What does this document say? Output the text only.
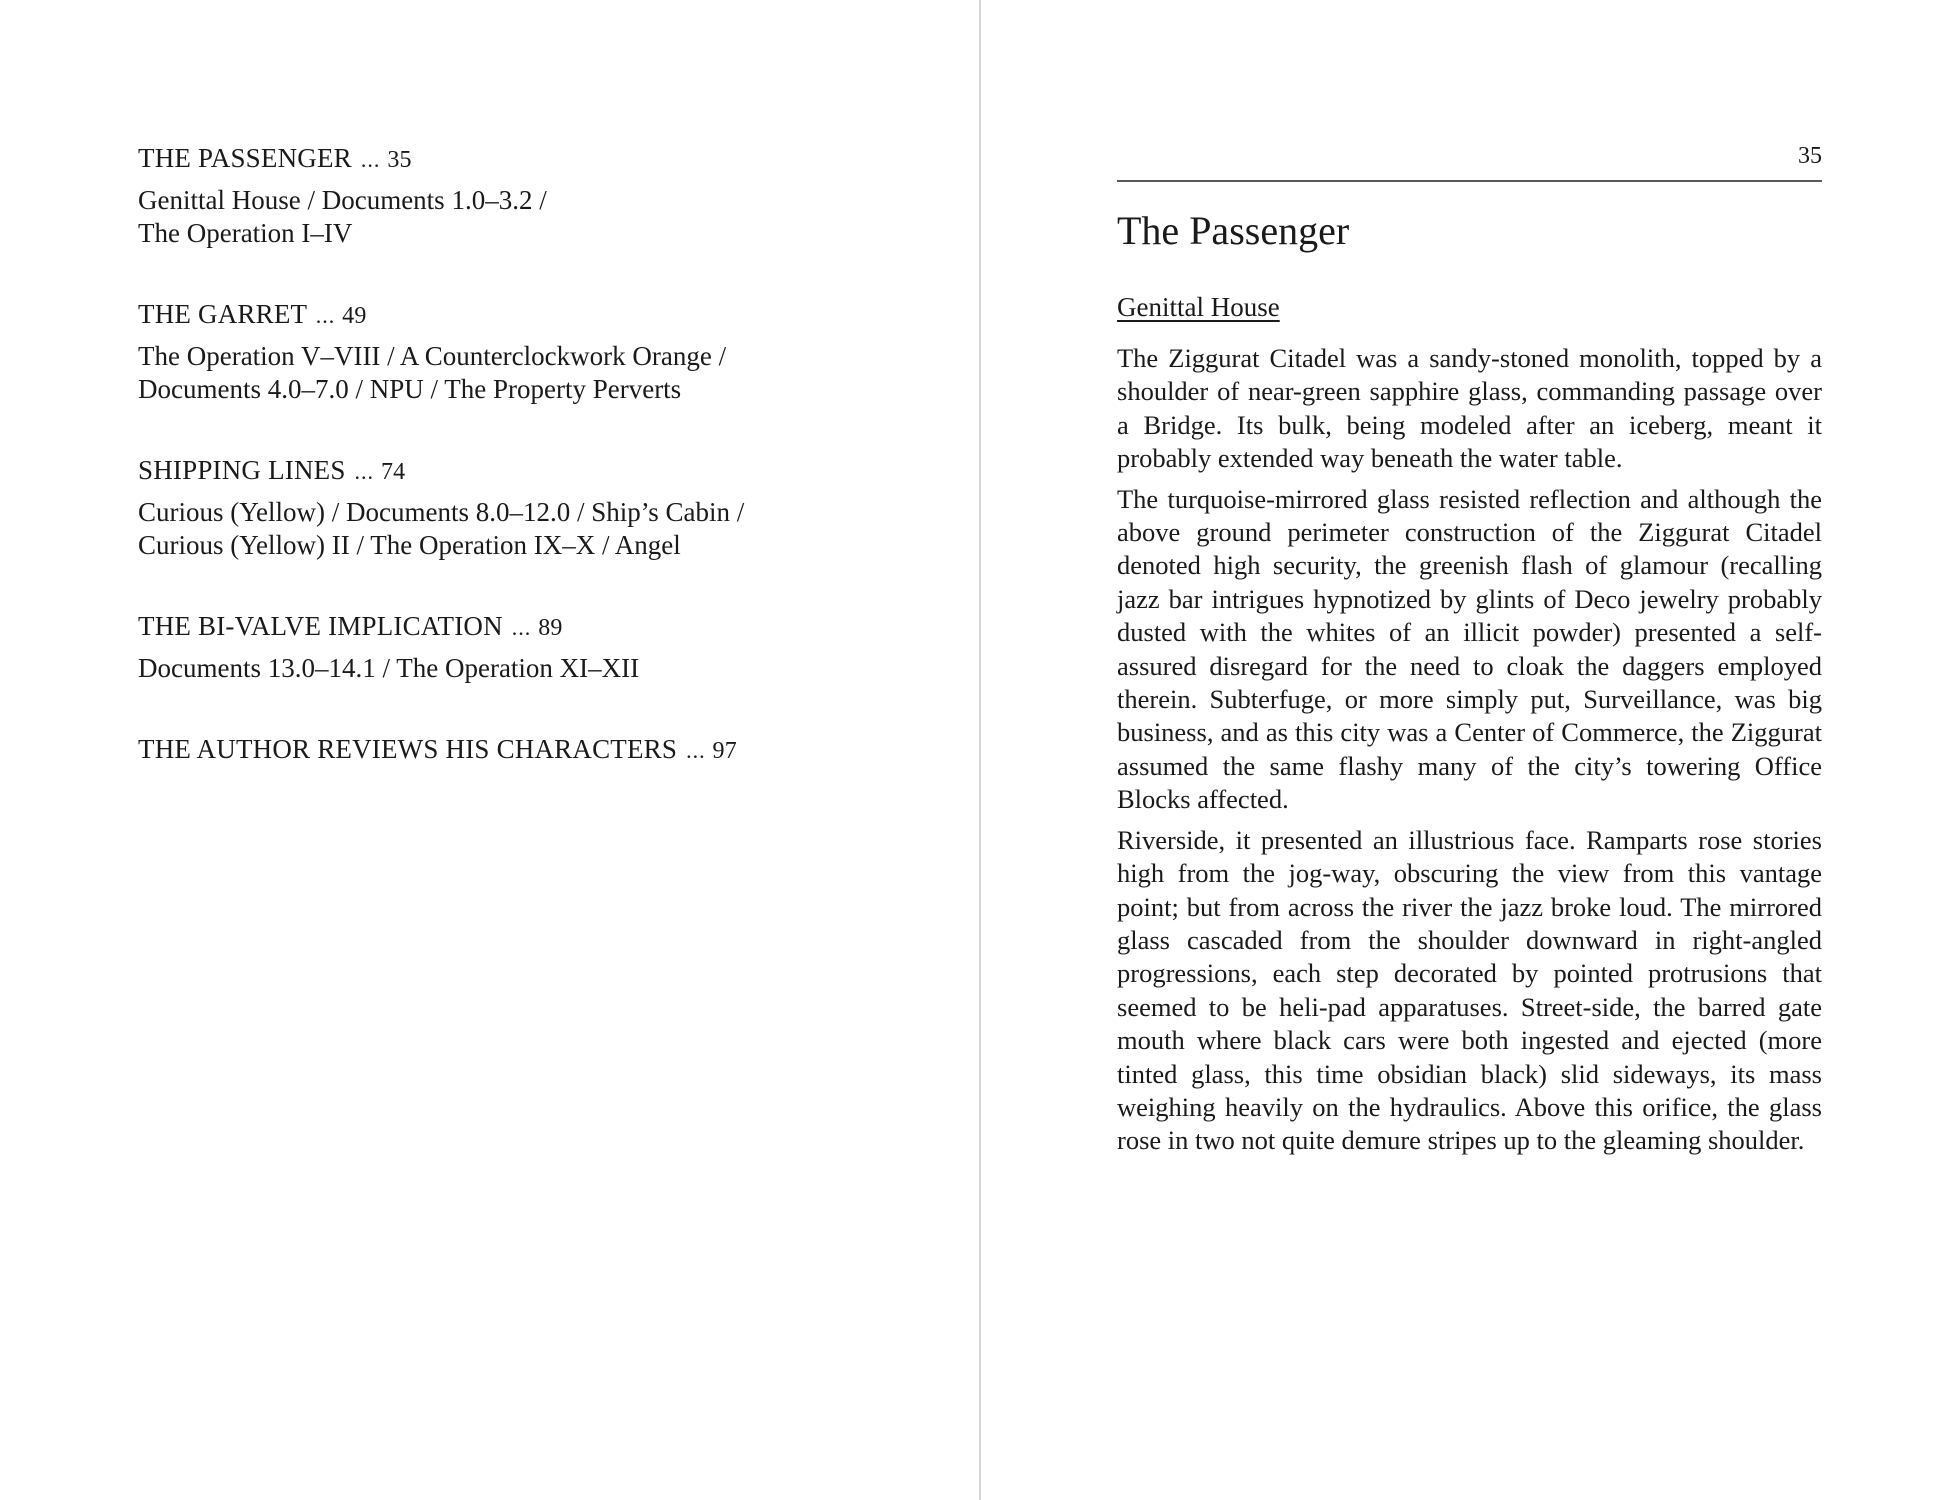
THE PASSENGER ... 35
Genittal House / Documents 1.0–3.2 /
The Operation I–IV
THE GARRET ... 49
The Operation V–VIII / A Counterclockwork Orange /
Documents 4.0–7.0 / NPU / The Property Perverts
SHIPPING LINES ... 74
Curious (Yellow) / Documents 8.0–12.0 / Ship’s Cabin /
Curious (Yellow) II / The Operation IX–X / Angel
THE BI-VALVE IMPLICATION ... 89
Documents 13.0–14.1 / The Operation XI–XII
THE AUTHOR REVIEWS HIS CHARACTERS ... 97
35
The Passenger
Genittal House

The Ziggurat Citadel was a sandy-stoned monolith, topped by a shoulder of near-green sapphire glass, commanding passage over a Bridge. Its bulk, being modeled after an iceberg, meant it probably extended way beneath the water table.

The turquoise-mirrored glass resisted reflection and although the above ground perimeter construction of the Ziggurat Citadel denoted high security, the greenish flash of glamour (recalling jazz bar intrigues hypnotized by glints of Deco jewelry probably dusted with the whites of an illicit powder) presented a self-assured disregard for the need to cloak the daggers employed therein. Subterfuge, or more simply put, Surveillance, was big business, and as this city was a Center of Commerce, the Ziggurat assumed the same flashy many of the city’s towering Office Blocks affected.

Riverside, it presented an illustrious face. Ramparts rose stories high from the jog-way, obscuring the view from this vantage point; but from across the river the jazz broke loud. The mirrored glass cascaded from the shoulder downward in right-angled progressions, each step decorated by pointed protrusions that seemed to be heli-pad apparatuses. Street-side, the barred gate mouth where black cars were both ingested and ejected (more tinted glass, this time obsidian black) slid sideways, its mass weighing heavily on the hydraulics. Above this orifice, the glass rose in two not quite demure stripes up to the gleaming shoulder.
